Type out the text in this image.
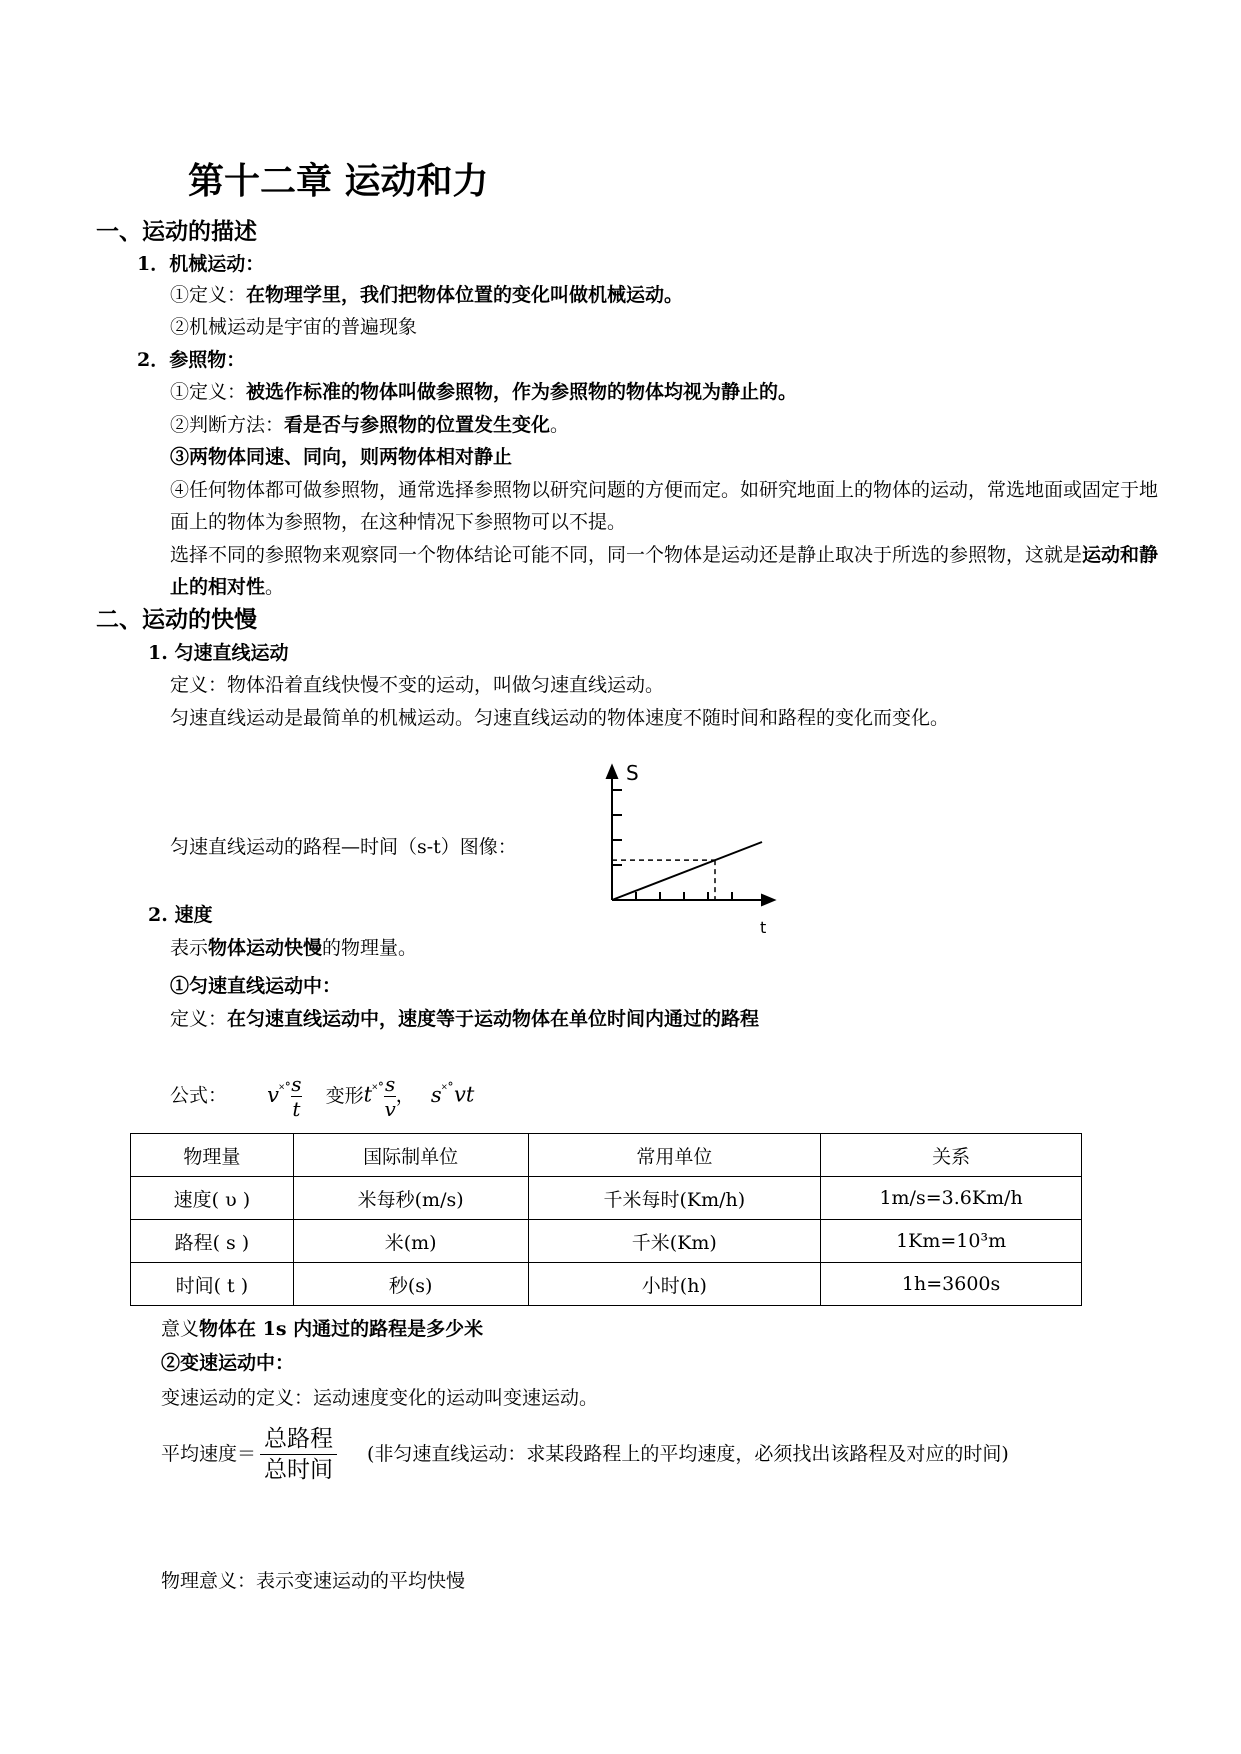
第十二章 运动和力
一、运动的描述
1．机械运动：
①定义：在物理学里，我们把物体位置的变化叫做机械运动。
②机械运动是宇宙的普遍现象
2．参照物：
①定义：被选作标准的物体叫做参照物，作为参照物的物体均视为静止的。
②判断方法：看是否与参照物的位置发生变化。
③两物体同速、同向，则两物体相对静止
④任何物体都可做参照物，通常选择参照物以研究问题的方便而定。如研究地面上的物体的运动，常选地面或固定于地面上的物体为参照物，在这种情况下参照物可以不提。
选择不同的参照物来观察同一个物体结论可能不同，同一个物体是运动还是静止取决于所选的参照物，这就是运动和静止的相对性。
二、运动的快慢
1. 匀速直线运动
定义：物体沿着直线快慢不变的运动，叫做匀速直线运动。
匀速直线运动是最简单的机械运动。匀速直线运动的物体速度不随时间和路程的变化而变化。
匀速直线运动的路程—时间（s-t）图像：
S
t
2. 速度
表示物体运动快慢的物理量。
①匀速直线运动中：
定义：在匀速直线运动中，速度等于运动物体在单位时间内通过的路程
公式： $v^{˟˚} \frac{s}{t}$ 变形$t^{˟˚} \frac{s}{v}$ ， s˟˚vt
物理量	国际制单位	常用单位	关系
速度( υ )	米每秒(m/s)	千米每时(Km/h)	1m/s=3.6Km/h
路程( s )	米(m)	千米(Km)	1Km=10³m
时间( t )	秒(s)	小时(h)	1h=3600s
意义物体在 1s 内通过的路程是多少米
②变速运动中：
变速运动的定义：运动速度变化的运动叫变速运动。
平均速度＝ $\frac{\text{总路程}}{\text{总时间}}$ (非匀速直线运动：求某段路程上的平均速度，必须找出该路程及对应的时间)
物理意义：表示变速运动的平均快慢
